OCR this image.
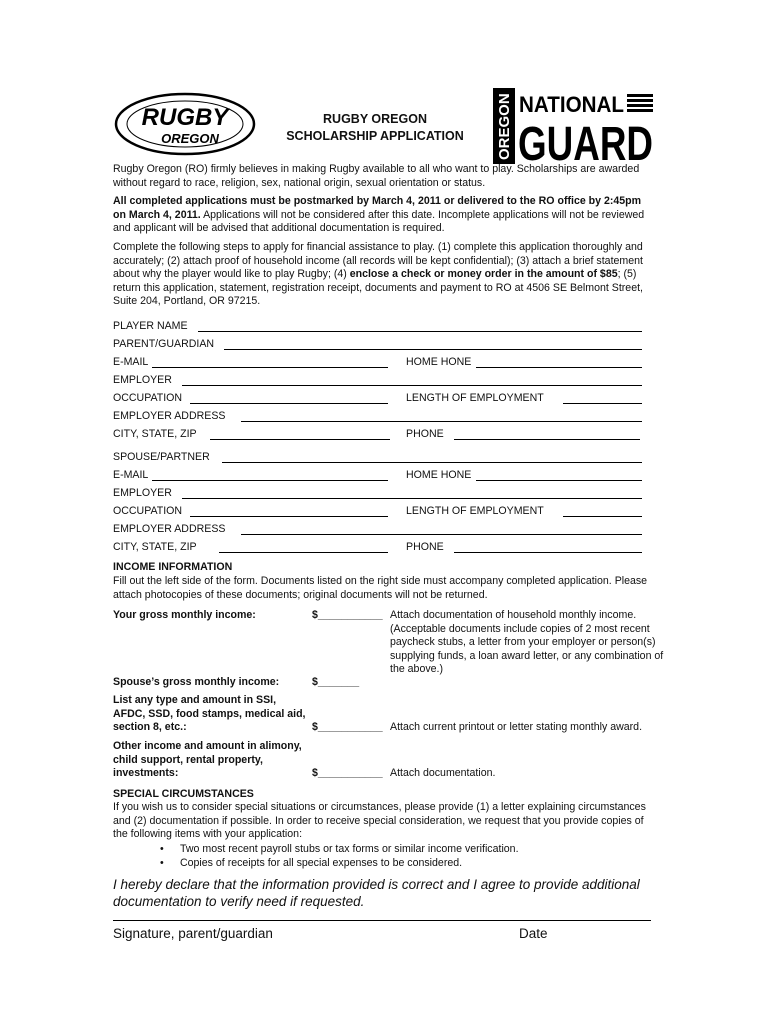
RUGBY
OREGON	OREGON NATIONAL
GUARD
RUGBY OREGON
SCHOLARSHIP APPLICATION
Rugby Oregon (RO) firmly believes in making Rugby available to all who want to play. Scholarships are awarded without regard to race, religion, sex, national origin, sexual orientation or status.
All completed applications must be postmarked by March 4, 2011 or delivered to the RO office by 2:45pm on March 4, 2011. Applications will not be considered after this date. Incomplete applications will not be reviewed and applicant will be advised that additional documentation is required.
Complete the following steps to apply for financial assistance to play. (1) complete this application thoroughly and accurately; (2) attach proof of household income (all records will be kept confidential); (3) attach a brief statement about why the player would like to play Rugby; (4) enclose a check or money order in the amount of $85; (5) return this application, statement, registration receipt, documents and payment to RO at 4506 SE Belmont Street, Suite 204, Portland, OR 97215.
PLAYER NAME
PARENT/GUARDIAN
E-MAIL	HOME HONE
EMPLOYER
OCCUPATION	LENGTH OF EMPLOYMENT
EMPLOYER ADDRESS
CITY, STATE, ZIP	PHONE
SPOUSE/PARTNER
E-MAIL	HOME HONE
EMPLOYER
OCCUPATION	LENGTH OF EMPLOYMENT
EMPLOYER ADDRESS
CITY, STATE, ZIP	PHONE
INCOME INFORMATION
Fill out the left side of the form. Documents listed on the right side must accompany completed application. Please attach photocopies of these documents; original documents will not be returned.
Your gross monthly income:	$___________ Attach documentation of household monthly income. (Acceptable documents include copies of 2 most recent paycheck stubs, a letter from your employer or person(s) supplying funds, a loan award letter, or any combination of the above.)
Spouse’s gross monthly income:	$_______
List any type and amount in SSI, AFDC, SSD, food stamps, medical aid, section 8, etc.:	$___________ Attach current printout or letter stating monthly award.
Other income and amount in alimony, child support, rental property, investments:	$___________ Attach documentation.
SPECIAL CIRCUMSTANCES
If you wish us to consider special situations or circumstances, please provide (1) a letter explaining circumstances and (2) documentation if possible. In order to receive special consideration, we request that you provide copies of the following items with your application:
• Two most recent payroll stubs or tax forms or similar income verification.
• Copies of receipts for all special expenses to be considered.
I hereby declare that the information provided is correct and I agree to provide additional documentation to verify need if requested.
Signature, parent/guardian	Date
